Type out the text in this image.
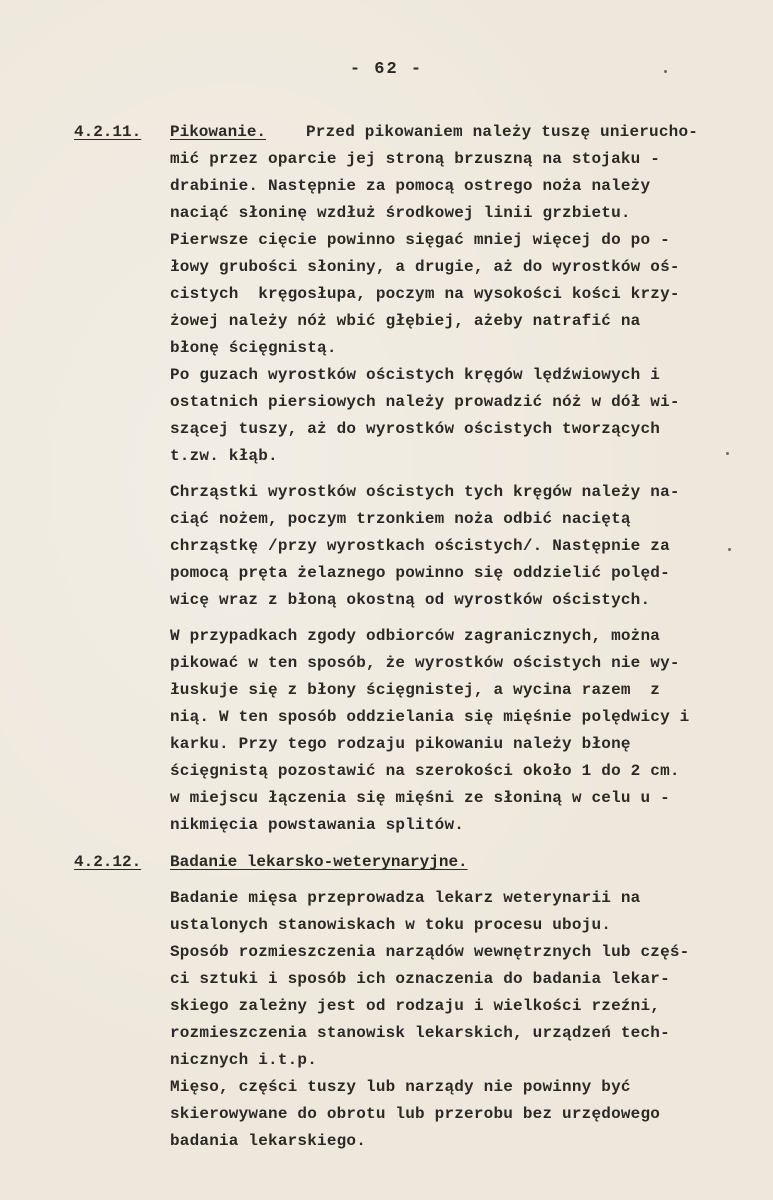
- 62 -
4.2.11. Pikowanie. Przed pikowaniem należy tuszę unierucho-
mić przez oparcie jej stroną brzuszną na stojaku -
drabinie. Następnie za pomocą ostrego noża należy
naciąć słoninę wzdłuż środkowej linii grzbietu.
Pierwsze cięcie powinno sięgać mniej więcej do po -
łowy grubości słoniny, a drugie, aż do wyrostków oś-
cistych  kręgosłupa, poczym na wysokości kości krzy-
żowej należy nóż wbić głębiej, ażeby natrafić na
błonę ścięgnistą.
Po guzach wyrostków ościstych kręgów lędźwiowych i
ostatnich piersiowych należy prowadzić nóż w dół wi-
szącej tuszy, aż do wyrostków ościstych tworzących
t.zw. kłąb.
Chrząstki wyrostków ościstych tych kręgów należy na-
ciąć nożem, poczym trzonkiem noża odbić naciętą
chrząstkę /przy wyrostkach ościstych/. Następnie za
pomocą pręta żelaznego powinno się oddzielić polęd-
wicę wraz z błoną okostną od wyrostków ościstych.
W przypadkach zgody odbiorców zagranicznych, można
pikować w ten sposób, że wyrostków ościstych nie wy-
łuskuje się z błony ścięgnistej, a wycina razem  z
nią. W ten sposób oddzielania się mięśnie polędwicy i
karku. Przy tego rodzaju pikowaniu należy błonę
ścięgnistą pozostawić na szerokości około 1 do 2 cm.
w miejscu łączenia się mięśni ze słoniną w celu u -
nikmięcia powstawania splitów.
4.2.12. Badanie lekarsko-weterynaryjne.
Badanie mięsa przeprowadza lekarz weterynarii na
ustalonych stanowiskach w toku procesu uboju.
Sposób rozmieszczenia narządów wewnętrznych lub częś-
ci sztuki i sposób ich oznaczenia do badania lekar-
skiego zależny jest od rodzaju i wielkości rzeźni,
rozmieszczenia stanowisk lekarskich, urządzeń tech-
nicznych i.t.p.
Mięso, części tuszy lub narządy nie powinny być
skierowywane do obrotu lub przerobu bez urzędowego
badania lekarskiego.
